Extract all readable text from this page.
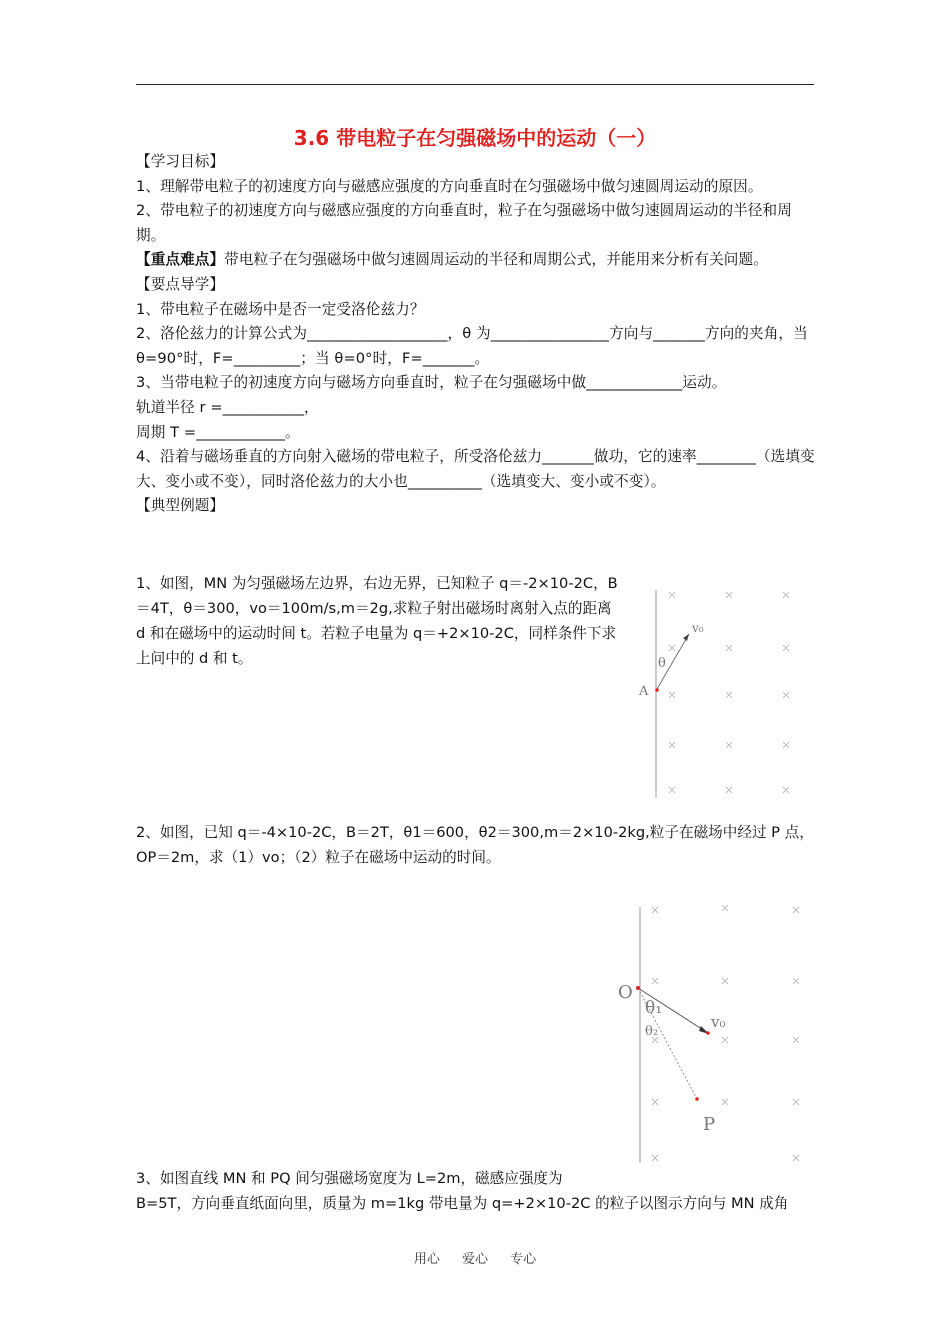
3.6 带电粒子在匀强磁场中的运动（一）

【学习目标】

1、理解带电粒子的初速度方向与磁感应强度的方向垂直时在匀强磁场中做匀速圆周运动的原因。

2、带电粒子的初速度方向与磁感应强度的方向垂直时，粒子在匀强磁场中做匀速圆周运动的半径和周期。

【重点难点】带电粒子在匀强磁场中做匀速圆周运动的半径和周期公式，并能用来分析有关问题。

【要点导学】

1、带电粒子在磁场中是否一定受洛伦兹力？

2、洛伦兹力的计算公式为___________________，θ 为________________方向与_______方向的夹角，当 θ=90°时，F=_________；当 θ=0°时，F=_______。

3、当带电粒子的初速度方向与磁场方向垂直时，粒子在匀强磁场中做_____________运动。

轨道半径 r =___________，

周期 T =____________。

4、沿着与磁场垂直的方向射入磁场的带电粒子，所受洛伦兹力_______做功，它的速率________（选填变大、变小或不变），同时洛伦兹力的大小也__________（选填变大、变小或不变）。

【典型例题】

1、如图，MN 为匀强磁场左边界，右边无界，已知粒子 q＝-2×10-2C，B＝4T，θ＝300，vo＝100m/s,m＝2g,求粒子射出磁场时离射入点的距离 d 和在磁场中的运动时间 t。若粒子电量为 q＝+2×10-2C，同样条件下求上问中的 d 和 t。

A
θ
v₀

2、如图，已知 q＝-4×10-2C，B＝2T，θ1＝600，θ2＝300,m＝2×10-2kg,粒子在磁场中经过 P 点，OP＝2m，求（1）vo；（2）粒子在磁场中运动的时间。

O
θ₁
θ₂
v₀
P

3、如图直线 MN 和 PQ 间匀强磁场宽度为 L=2m，磁感应强度为

B=5T，方向垂直纸面向里，质量为 m=1kg 带电量为 q=+2×10-2C 的粒子以图示方向与 MN 成角

用心 爱心 专心
